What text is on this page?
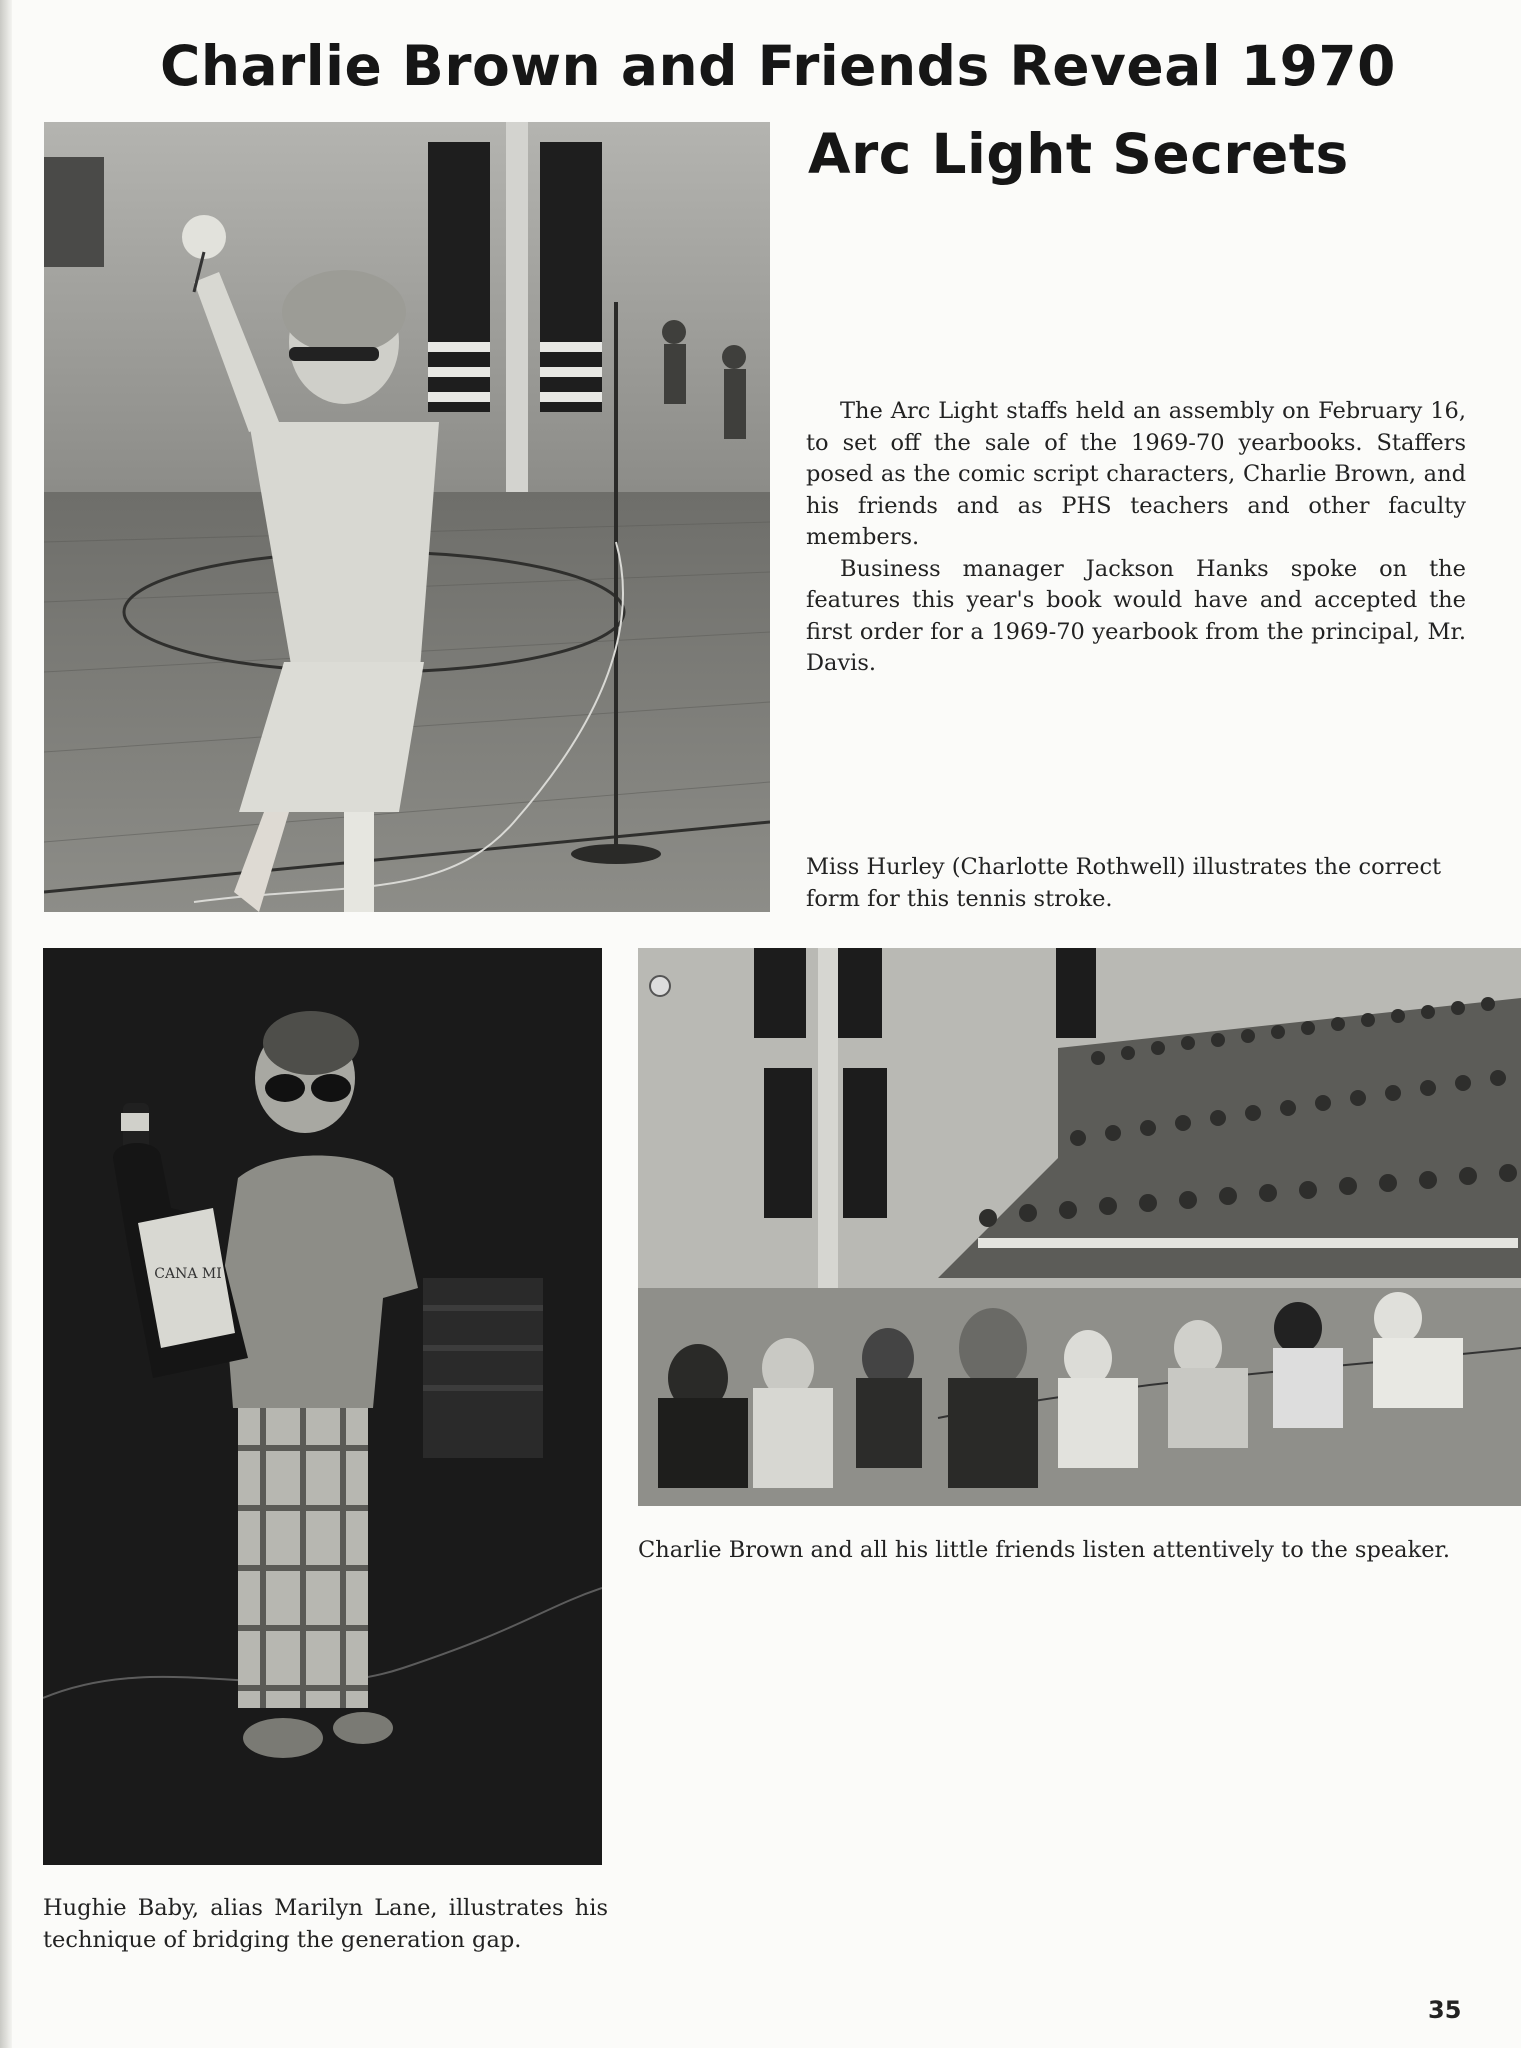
Charlie Brown and Friends Reveal 1970
Arc Light Secrets
CANA MI

The Arc Light staffs held an assembly on February 16, to set off the sale of the 1969-70 yearbooks. Staffers posed as the comic script characters, Charlie Brown, and his friends and as PHS teachers and other faculty members.

Business manager Jackson Hanks spoke on the features this year's book would have and accepted the first order for a 1969-70 yearbook from the principal, Mr. Davis.

Miss Hurley (Charlotte Rothwell) illustrates the correct form for this tennis stroke.

Charlie Brown and all his little friends listen attentively to the speaker.

Hughie Baby, alias Marilyn Lane, illustrates his technique of bridging the generation gap.

35
